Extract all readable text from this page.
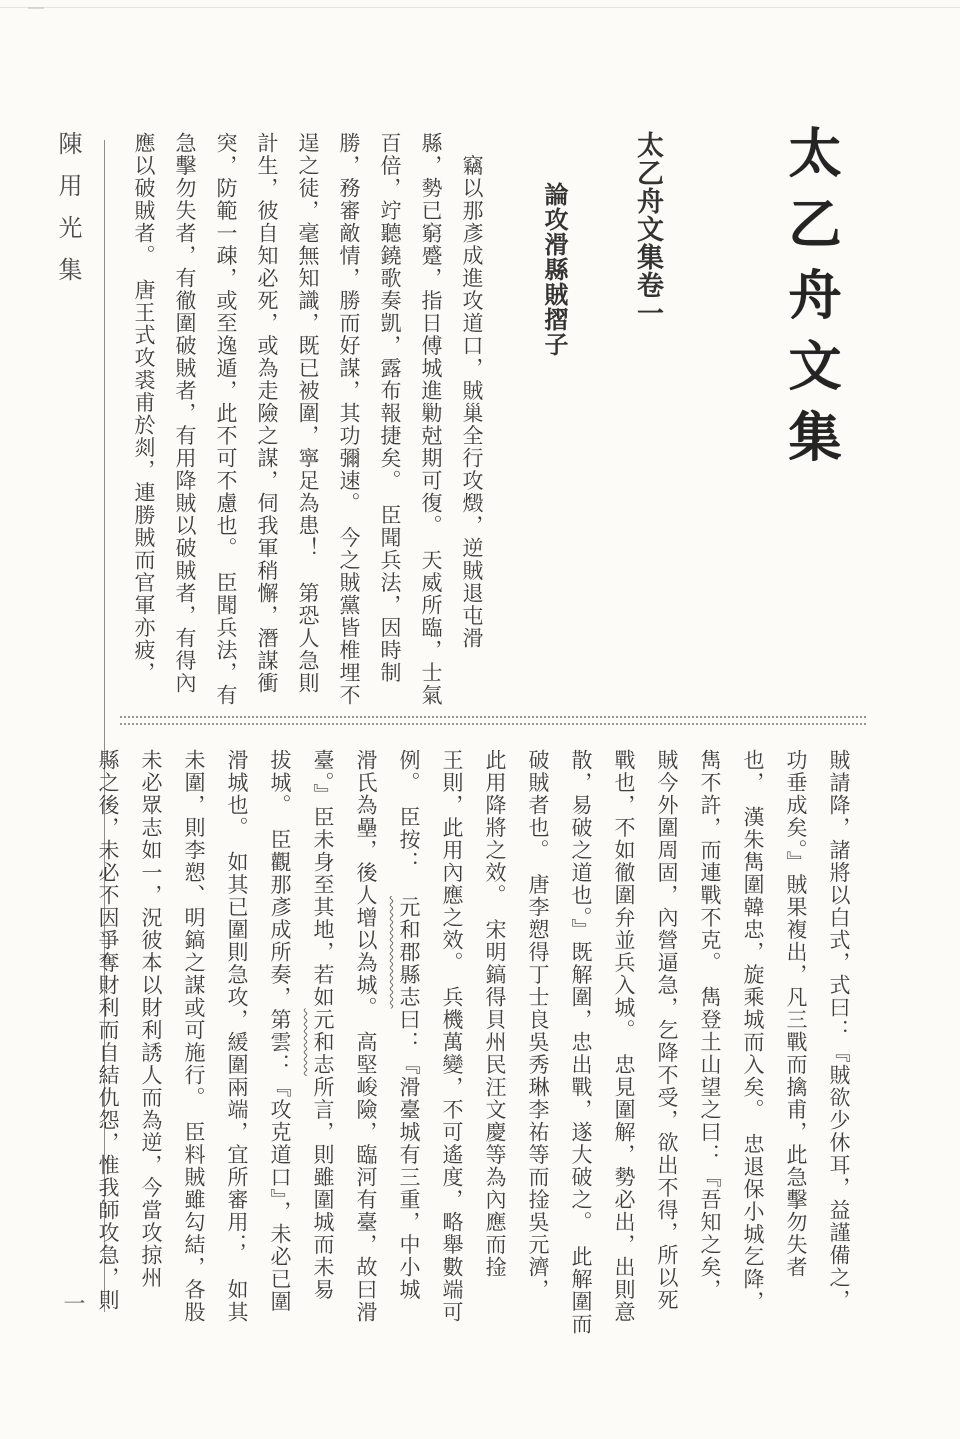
陳用光集
一
太乙舟文集
太乙舟文集卷一
論攻滑縣賊摺子

　竊以那彥成進攻道口，賊巢全行攻燬，逆賊退屯滑

縣，勢已窮蹙，指日傅城進勦尅期可復。　天威所臨，士氣

百倍，竚聽鐃歌奏凱，露布報捷矣。　臣聞兵法，因時制

勝，務審敵情，勝而好謀，其功彌速。　今之賊黨皆椎埋不

逞之徒，毫無知識，既已被圍，寧足為患！　第恐人急則

計生，彼自知必死，或為走險之謀，伺我軍稍懈，潛謀衝

突，防範一疎，或至逸遁，此不可不慮也。　臣聞兵法，有

急擊勿失者，有徹圍破賊者，有用降賊以破賊者，有得內

應以破賊者。　唐王式攻裘甫於剡，連勝賊而官軍亦疲，

賊請降，諸將以白式，式曰：『賊欲少休耳，益謹備之，

功垂成矣。』賊果複出，凡三戰而擒甫，此急擊勿失者

也，　漢朱雋圍韓忠，旋乘城而入矣。　忠退保小城乞降，

雋不許，而連戰不克。　雋登土山望之曰：『吾知之矣，

賊今外圍周固，內營逼急，乞降不受，欲出不得，所以死

戰也，不如徹圍弁並兵入城。　忠見圍解，勢必出，出則意

散，易破之道也。』既解圍，忠出戰，遂大破之。　此解圍而

破賊者也。　唐李愬得丁士良吳秀琳李祐等而捦吳元濟，

此用降將之效。　宋明鎬得貝州民汪文慶等為內應而捦

王則，此用內應之效。　兵機萬變，不可遙度，略舉數端可

例。　臣按：　元和郡縣志曰：『滑臺城有三重，中小城

滑氏為壘，後人增以為城。　高堅峻險，臨河有臺，故曰滑

臺。』臣未身至其地，若如元和志所言，則雖圍城而未易

拔城。　臣觀那彥成所奏，第雲：『攻克道口』，未必已圍

滑城也。　如其已圍則急攻，緩圍兩端，宜所審用；　如其

未圍，則李愬、明鎬之謀或可施行。　臣料賊雖勾結，各股

未必眾志如一，況彼本以財利誘人而為逆，今當攻掠州

縣之後，未必不因爭奪財利而自結仇怨，惟我師攻急，則
